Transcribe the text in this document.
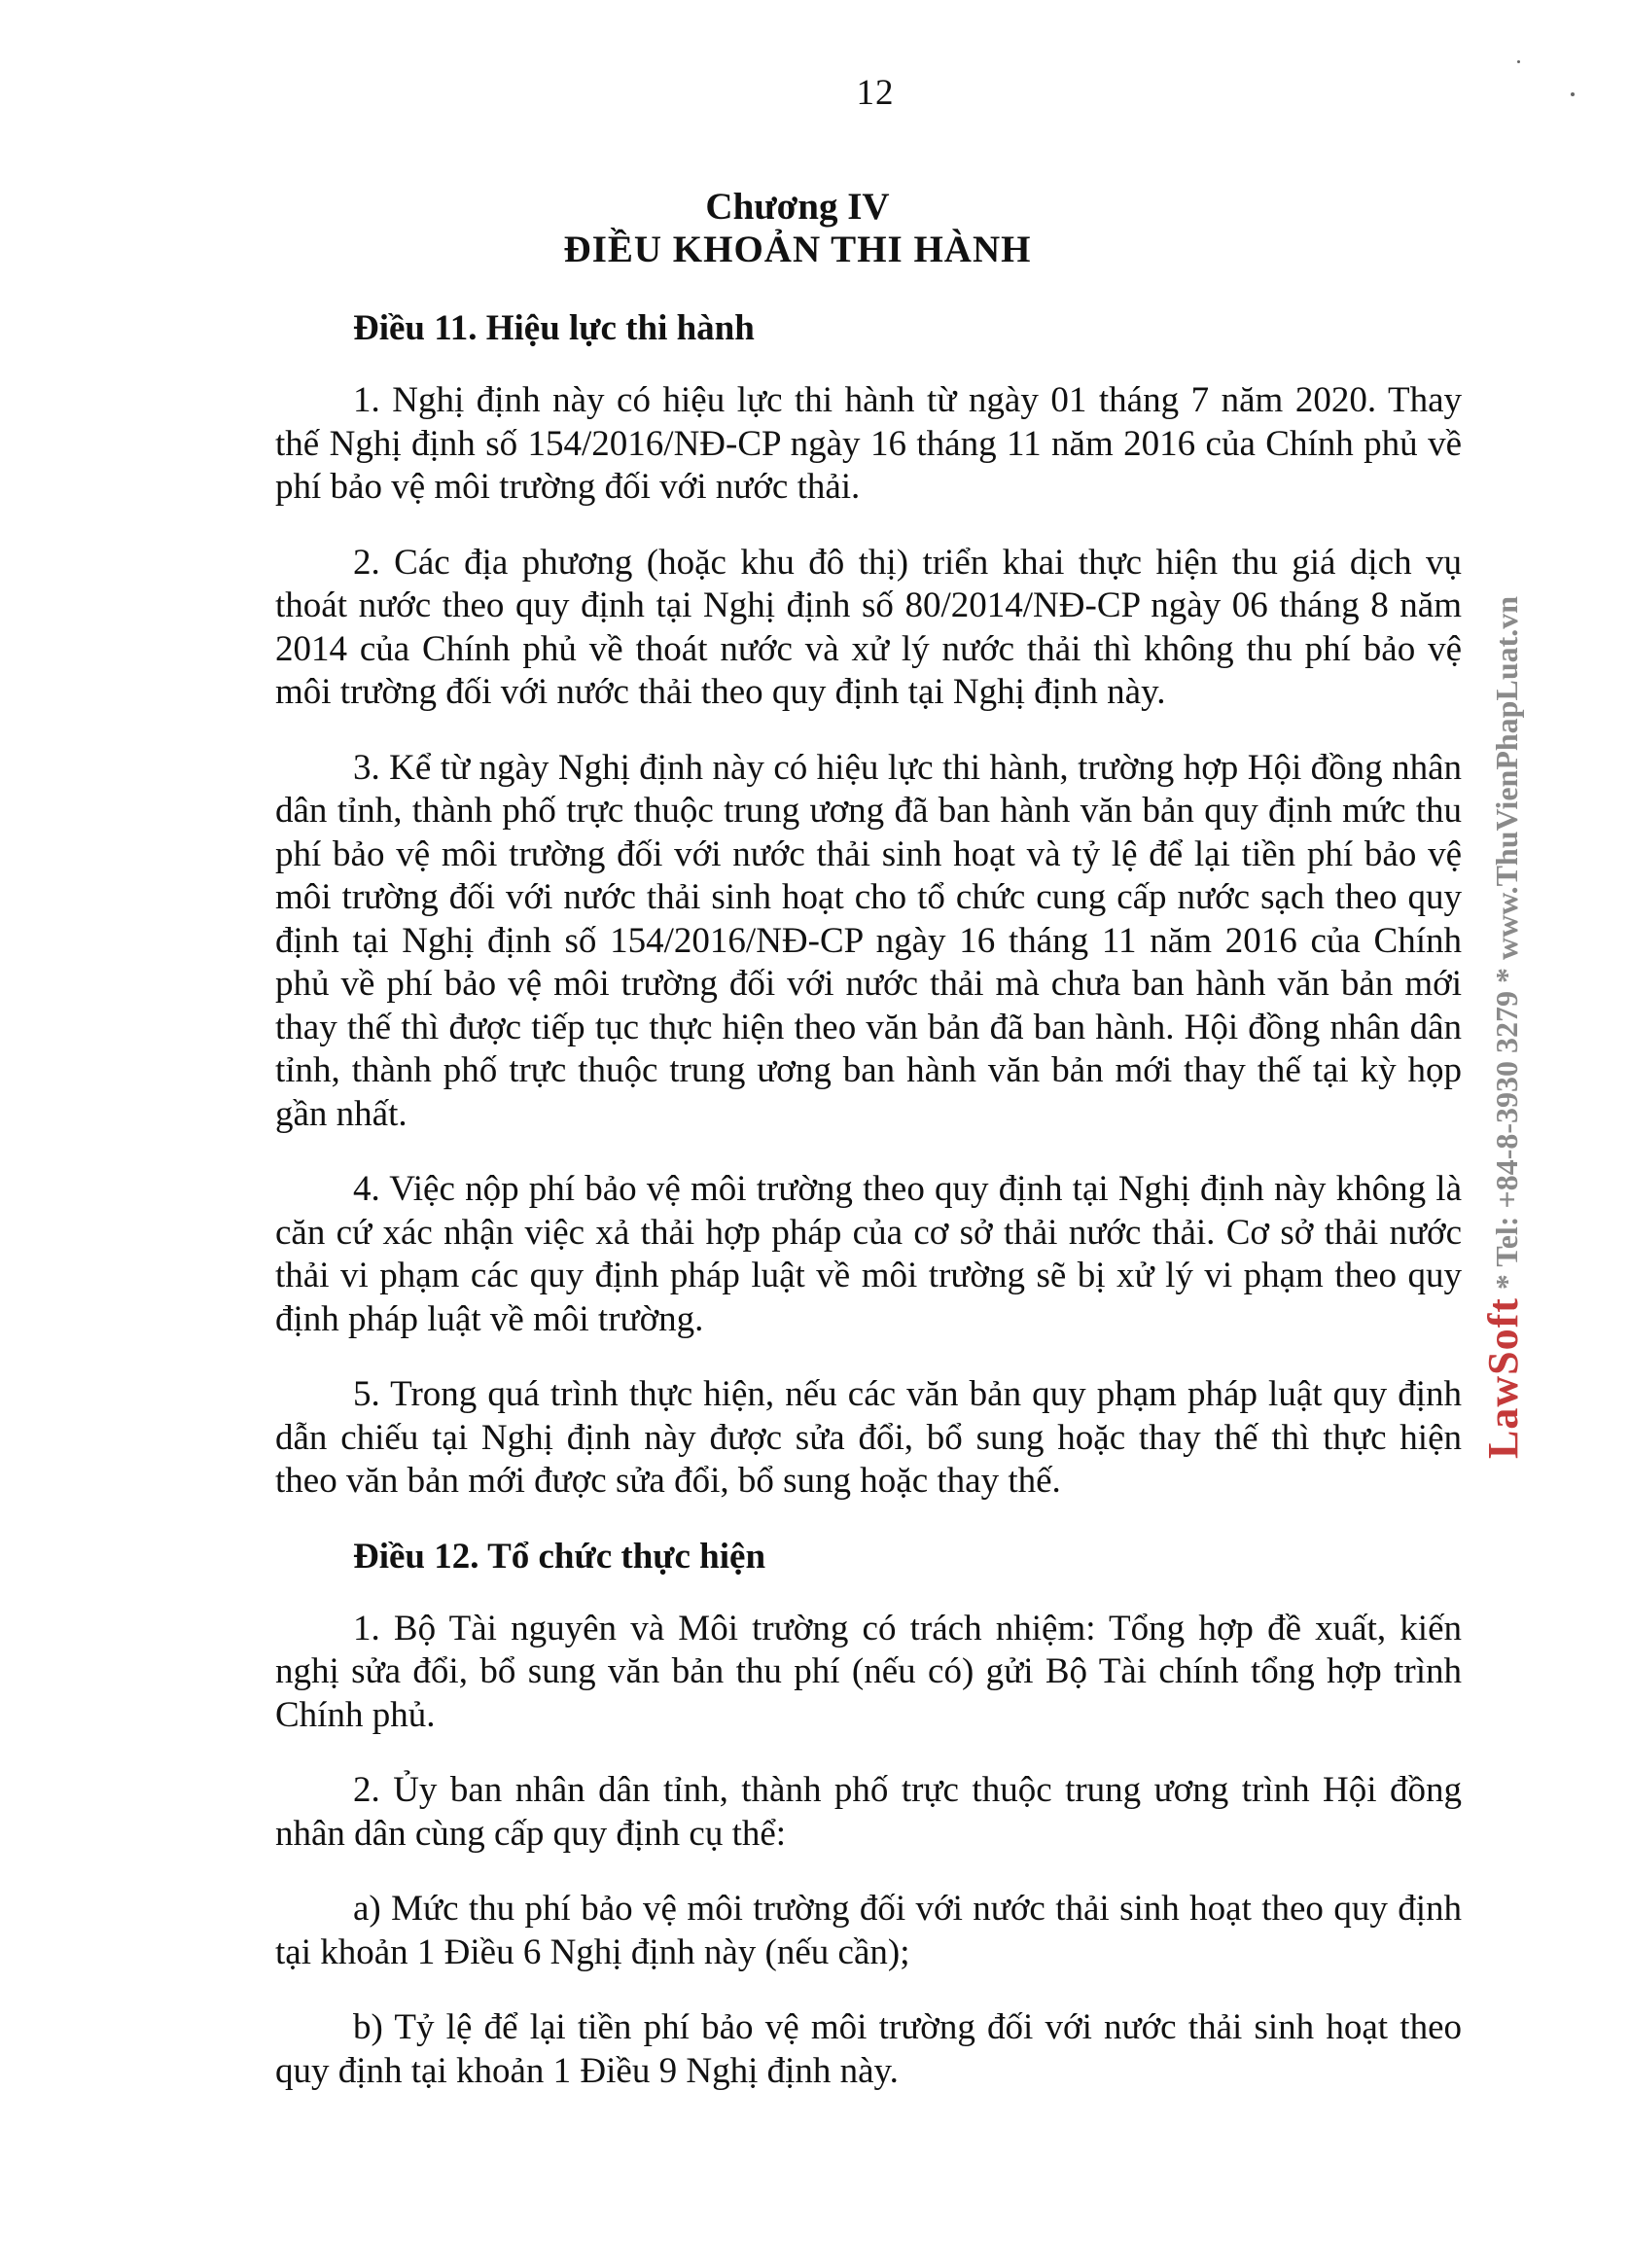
12
Chương IV
ĐIỀU KHOẢN THI HÀNH
Điều 11. Hiệu lực thi hành

1. Nghị định này có hiệu lực thi hành từ ngày 01 tháng 7 năm 2020. Thay thế Nghị định số 154/2016/NĐ-CP ngày 16 tháng 11 năm 2016 của Chính phủ về phí bảo vệ môi trường đối với nước thải.

2. Các địa phương (hoặc khu đô thị) triển khai thực hiện thu giá dịch vụ thoát nước theo quy định tại Nghị định số 80/2014/NĐ-CP ngày 06 tháng 8 năm 2014 của Chính phủ về thoát nước và xử lý nước thải thì không thu phí bảo vệ môi trường đối với nước thải theo quy định tại Nghị định này.

3. Kể từ ngày Nghị định này có hiệu lực thi hành, trường hợp Hội đồng nhân dân tỉnh, thành phố trực thuộc trung ương đã ban hành văn bản quy định mức thu phí bảo vệ môi trường đối với nước thải sinh hoạt và tỷ lệ để lại tiền phí bảo vệ môi trường đối với nước thải sinh hoạt cho tổ chức cung cấp nước sạch theo quy định tại Nghị định số 154/2016/NĐ-CP ngày 16 tháng 11 năm 2016 của Chính phủ về phí bảo vệ môi trường đối với nước thải mà chưa ban hành văn bản mới thay thế thì được tiếp tục thực hiện theo văn bản đã ban hành. Hội đồng nhân dân tỉnh, thành phố trực thuộc trung ương ban hành văn bản mới thay thế tại kỳ họp gần nhất.

4. Việc nộp phí bảo vệ môi trường theo quy định tại Nghị định này không là căn cứ xác nhận việc xả thải hợp pháp của cơ sở thải nước thải. Cơ sở thải nước thải vi phạm các quy định pháp luật về môi trường sẽ bị xử lý vi phạm theo quy định pháp luật về môi trường.

5. Trong quá trình thực hiện, nếu các văn bản quy phạm pháp luật quy định dẫn chiếu tại Nghị định này được sửa đổi, bổ sung hoặc thay thế thì thực hiện theo văn bản mới được sửa đổi, bổ sung hoặc thay thế.

Điều 12. Tổ chức thực hiện

1. Bộ Tài nguyên và Môi trường có trách nhiệm: Tổng hợp đề xuất, kiến nghị sửa đổi, bổ sung văn bản thu phí (nếu có) gửi Bộ Tài chính tổng hợp trình Chính phủ.

2. Ủy ban nhân dân tỉnh, thành phố trực thuộc trung ương trình Hội đồng nhân dân cùng cấp quy định cụ thể:

a) Mức thu phí bảo vệ môi trường đối với nước thải sinh hoạt theo quy định tại khoản 1 Điều 6 Nghị định này (nếu cần);

b) Tỷ lệ để lại tiền phí bảo vệ môi trường đối với nước thải sinh hoạt theo quy định tại khoản 1 Điều 9 Nghị định này.

LawSoft * Tel: +84-8-3930 3279 * www.ThuVienPhapLuat.vn
